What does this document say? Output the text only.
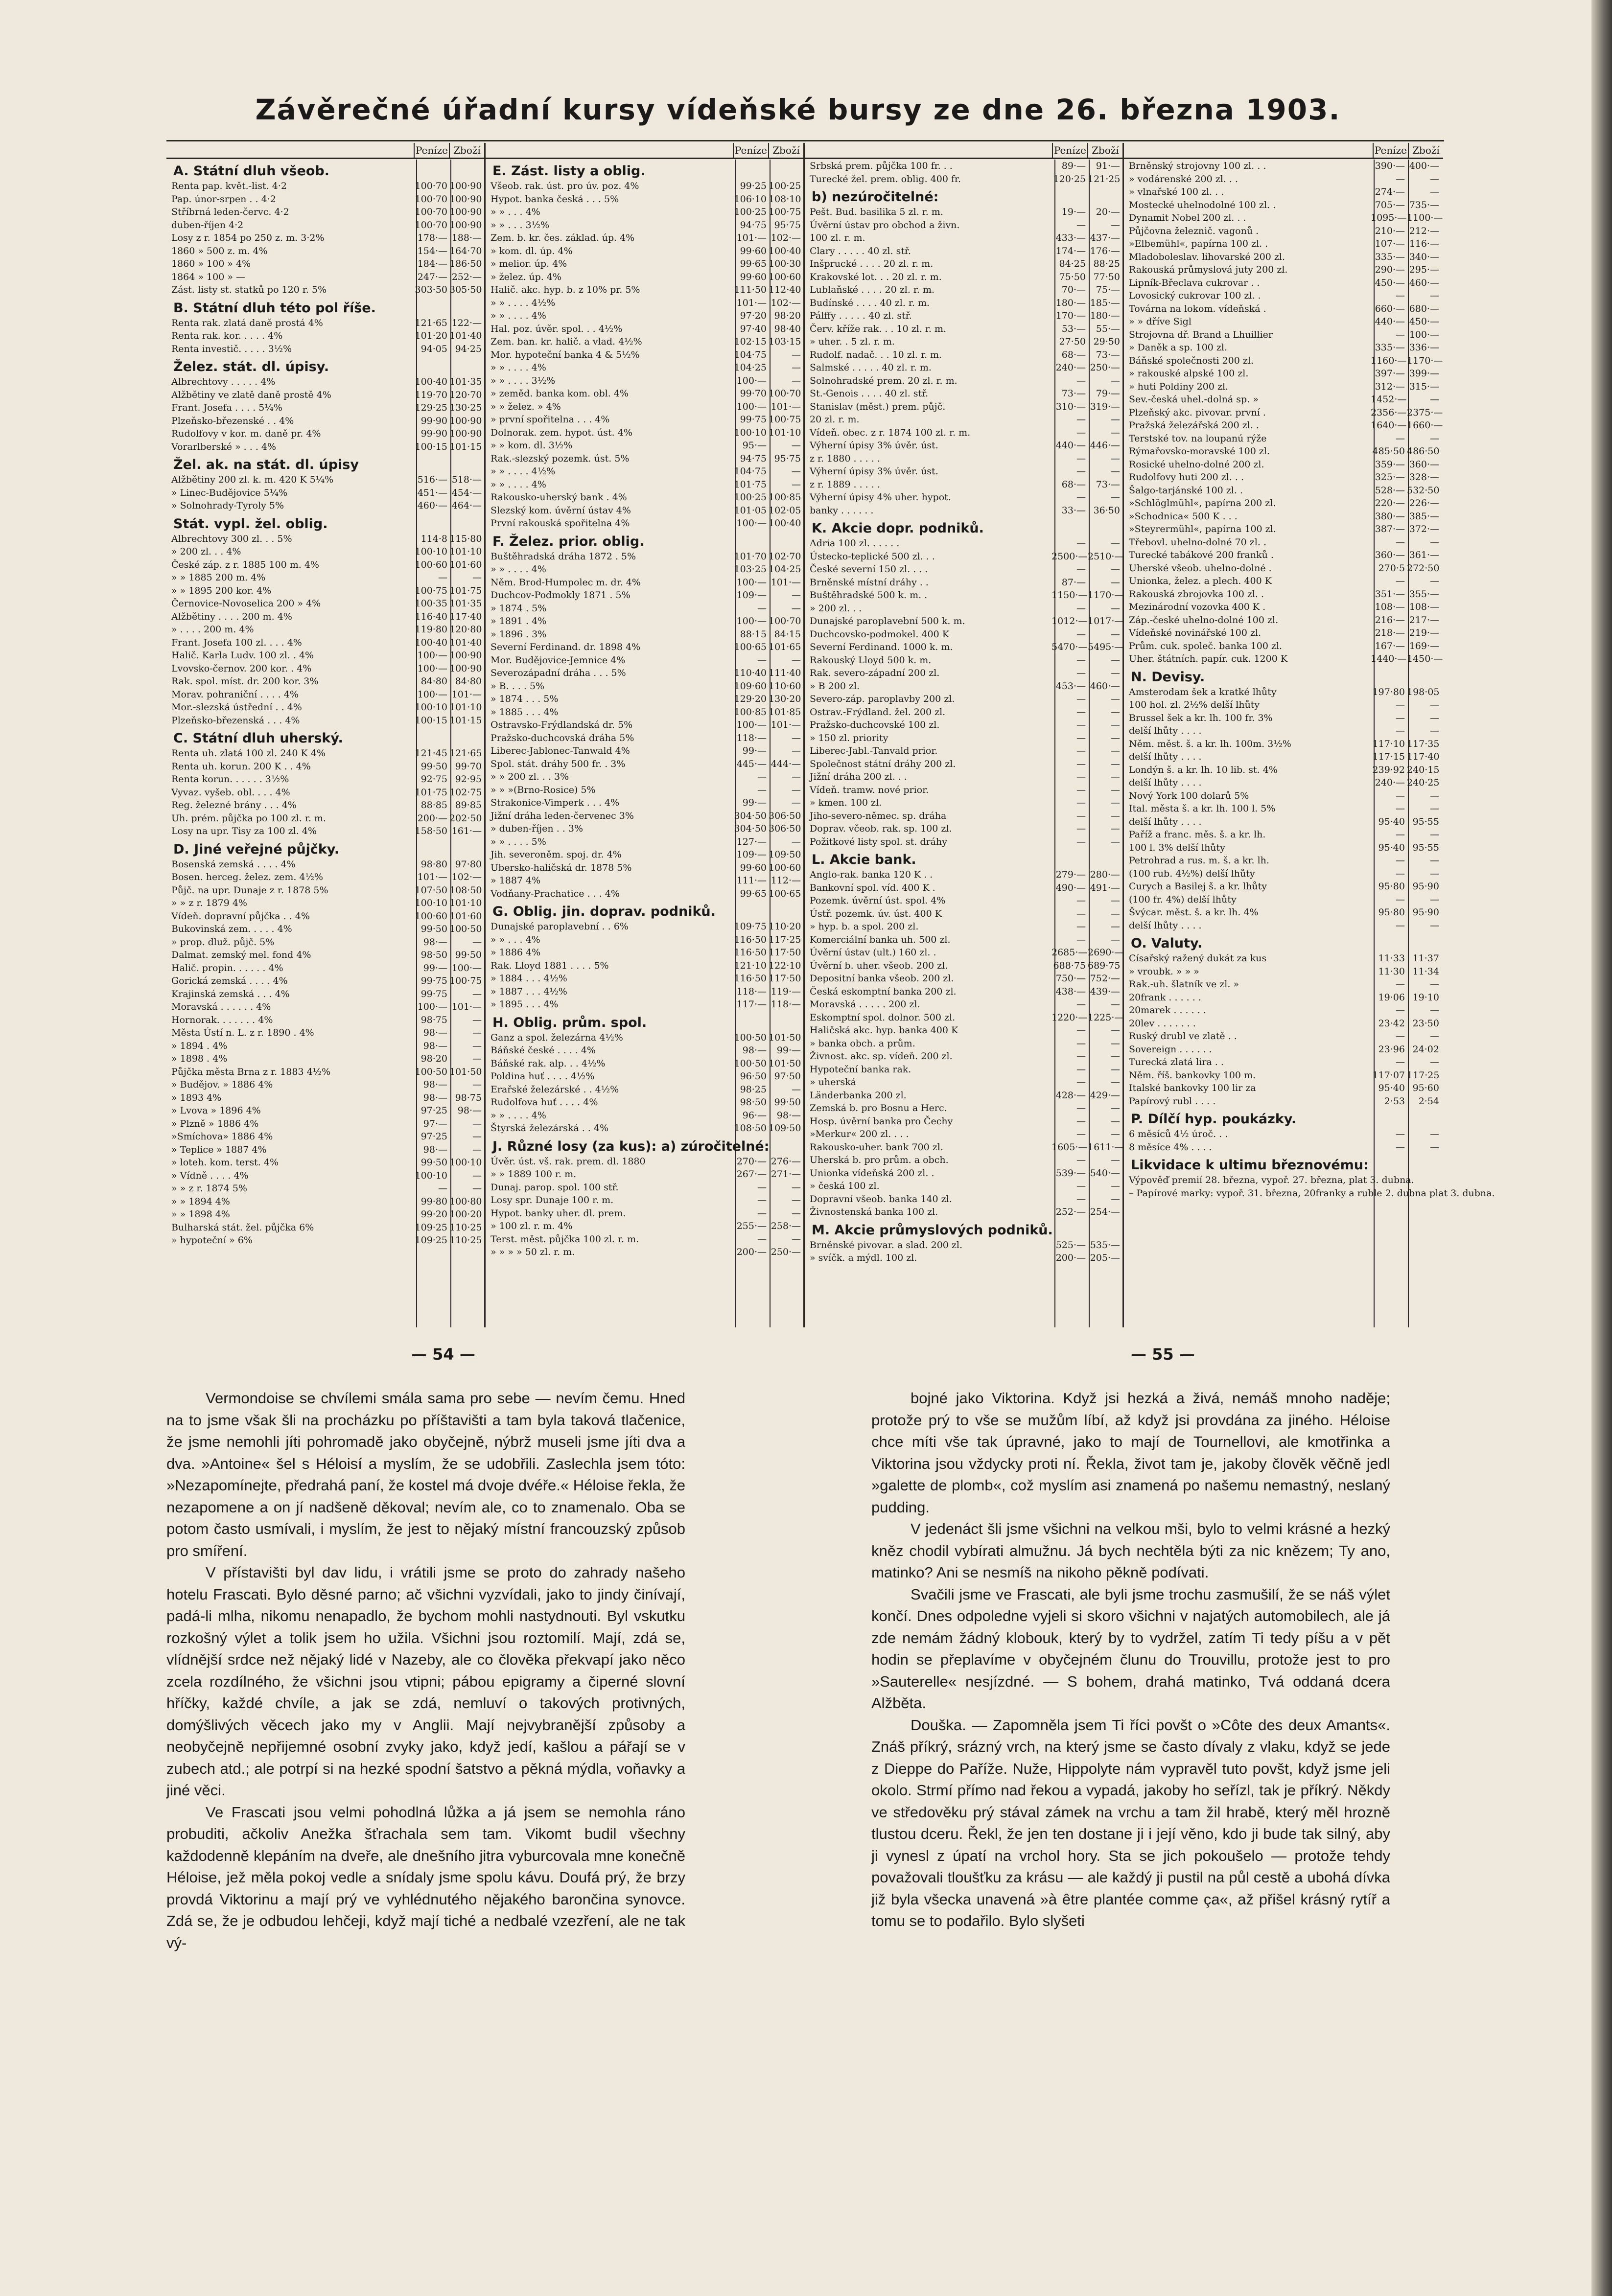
Závěrečné úřadní kursy vídeňské bursy ze dne 26. března 1903.
Peníze Zboží
A. Státní dluh všeob.
Renta pap. květ.-list. 4·2	100·70 100·90
Pap. únor-srpen . . 4·2	100·70 100·90
Stříbrná leden-červc. 4·2	100·70 100·90
duben-říjen 4·2	100·70 100·90
Losy z r. 1854 po 250 z. m. 3·2%	178·— 188·—
1860 » 500 z. m. 4%	154·— 164·70
1860 » 100 » 4%	184·— 186·50
1864 » 100 » —	247·— 252·—
Zást. listy st. statků po 120 r. 5%	303·50 305·50
B. Státní dluh této pol říše.
Renta rak. zlatá daně prostá 4%	121·65 122·—
Renta rak. kor. . . . . 4%	101·20 101·40
Renta investič. . . . . 3½%	94·05 94·25
Želez. stát. dl. úpisy.
Albrechtovy . . . . . 4%	100·40 101·35
Alžbětiny ve zlatě daně prostě 4%	119·70 120·70
Frant. Josefa . . . . 5¼%	129·25 130·25
Plzeňsko-březenské . . 4%	99·90 100·90
Rudolfovy v kor. m. daně pr. 4%	99·90 100·90
Vorarlberské » . . . 4%	100·15 101·15
Žel. ak. na stát. dl. úpisy
Alžbětiny 200 zl. k. m. 420 K 5¼%	516·— 518·—
» Linec-Budějovice 5¼%	451·— 454·—
» Solnohrady-Tyroly 5%	460·— 464·—
Stát. vypl. žel. oblig.
Albrechtovy 300 zl. . . 5%	114·8 115·80
» 200 zl. . . 4%	100·10 101·10
České záp. z r. 1885 100 m. 4%	100·60 101·60
» » 1885 200 m. 4%	—	—
» » 1895 200 kor. 4%	100·75 101·75
Černovice-Novoselica 200 » 4%	100·35 101·35
Alžbětiny . . . . 200 m. 4%	116·40 117·40
» . . . . 200 m. 4%	119·80 120·80
Frant. Josefa 100 zl. . . . 4%	100·40 101·40
Halič. Karla Ludv. 100 zl. . 4%	100·— 100·90
Lvovsko-černov. 200 kor. . 4%	100·— 100·90
Rak. spol. míst. dr. 200 kor. 3%	84·80 84·80
Morav. pohraniční . . . . 4%	100·— 101·—
Mor.-slezská ústřední . . 4%	100·10 101·10
Plzeňsko-březenská . . . 4%	100·15 101·15
C. Státní dluh uherský.
Renta uh. zlatá 100 zl. 240 K 4%	121·45 121·65
Renta uh. korun. 200 K . . 4%	99·50 99·70
Renta korun. . . . . . 3½%	92·75 92·95
Vyvaz. vyšeb. obl. . . . 4%	101·75 102·75
Reg. železné brány . . . 4%	88·85 89·85
Uh. prém. půjčka po 100 zl. r. m.	200·— 202·50
Losy na upr. Tisy za 100 zl. 4%	158·50 161·—
D. Jiné veřejné půjčky.
Bosenská zemská . . . . 4%	98·80 97·80
Bosen. herceg. želez. zem. 4½%	101·— 102·—
Půjč. na upr. Dunaje z r. 1878 5%	107·50 108·50
» » z r. 1879 4%	100·10 101·10
Vídeň. dopravní půjčka . . 4%	100·60 101·60
Bukovinská zem. . . . . 4%	99·50 100·50
» prop. dluž. půjč. 5%	98·—	—
Dalmat. zemský mel. fond 4%	98·50 99·50
Halič. propin. . . . . . 4%	99·— 100·—
Gorická zemská . . . . 4%	99·75 100·75
Krajinská zemská . . . 4%	99·75	—
Moravská . . . . . . 4%	100·— 101·—
Hornorak. . . . . . . 4%	98·75	—
Města Ústí n. L. z r. 1890 . 4%	98·—	—
» 1894 . 4%	98·—	—
» 1898 . 4%	98·20	—
Půjčka města Brna z r. 1883 4½%	100·50 101·50
» Budějov. » 1886 4%	98·—	—
» 1893 4%	98·— 98·75
» Lvova » 1896 4%	97·25	98·—
» Plzně » 1886 4%	97·—	—
»Smíchova» 1886 4%	97·25	—
» Teplice » 1887 4%	98·—	—
» loteh. kom. terst. 4%	99·50 100·10
» Vídně . . . . 4%	100·10	—
» » z r. 1874 5%	—	—
» » 1894 4%	99·80 100·80
» » 1898 4%	99·20 100·20
Bulharská stát. žel. půjčka 6%	109·25 110·25
» hypoteční » 6%	109·25 110·25
Peníze Zboží
E. Zást. listy a oblig.
Všeob. rak. úst. pro úv. poz. 4%	99·25 100·25
Hypot. banka česká . . . 5%	106·10 108·10
» » . . . 4%	100·25 100·75
» » . . . 3½%	94·75 95·75
Zem. b. kr. čes. základ. úp. 4%	101·— 102·—
» kom. dl. úp. 4%	99·60 100·40
» melior. úp. 4%	99·65 100·30
» želez. úp. 4%	99·60 100·60
Halič. akc. hyp. b. z 10% pr. 5%	111·50 112·40
» » . . . . 4½%	101·— 102·—
» » . . . . 4%	97·20 98·20
Hal. poz. úvěr. spol. . . 4½%	97·40 98·40
Zem. ban. kr. halič. a vlad. 4½%	102·15 103·15
Mor. hypoteční banka 4 & 5½%	104·75	—
» » . . . . 4%	104·25	—
» » . . . . 3½%	100·—	—
» zeměd. banka kom. obl. 4%	99·70 100·70
» » želez. » 4%	100·— 101·—
» první spořitelna . . . 4%	99·75 100·75
Dolnorak. zem. hypot. úst. 4%	100·10 101·10
» » kom. dl. 3½%	95·—	—
Rak.-slezský pozemk. úst. 5%	94·75 95·75
» » . . . . 4½%	104·75	—
» » . . . . 4%	101·75	—
Rakousko-uherský bank . 4%	100·25 100·85
Slezský kom. úvěrní ústav 4%	101·05 102·05
První rakouská spořitelna 4%	100·— 100·40
F. Želez. prior. oblig.
Buštěhradská dráha 1872 . 5%	101·70 102·70
» » . . . . 4%	103·25 104·25
Něm. Brod-Humpolec m. dr. 4%	100·— 101·—
Duchcov-Podmokly 1871 . 5%	109·—	—
» 1874 . 5%	—	—
» 1891 . 4%	100·— 100·70
» 1896 . 3%	88·15 84·15
Severní Ferdinand. dr. 1898 4%	100·65 101·65
Mor. Budějovice-Jemnice 4%	—	—
Severozápadní dráha . . . 5%	110·40 111·40
» B. . . . 5%	109·60 110·60
» 1874 . . . 5%	129·20 130·20
» 1885 . . . 4%	100·85 101·85
Ostravsko-Frýdlandská dr. 5%	100·— 101·—
Pražsko-duchcovská dráha 5%	118·—	—
Liberec-Jablonec-Tanwald 4%	99·—	—
Spol. stát. dráhy 500 fr. . 3%	445·— 444·—
» » 200 zl. . . 3%	—	—
» » »(Brno-Rosice) 5%	—	—
Strakonice-Vimperk . . . 4%	99·—	—
Jižní dráha leden-červenec 3%	304·50 306·50
» duben-říjen . . 3%	304·50 306·50
» » . . . . 5%	127·—	—
Jih. severoněm. spoj. dr. 4%	109·— 109·50
Ubersko-haličská dr. 1878 5%	99·60 100·60
» 1887 4%	111·— 112·—
Vodňany-Prachatice . . . 4%	99·65 100·65
G. Oblig. jin. doprav. podniků.
Dunajské paroplavební . . 6%	109·75 110·20
» » . . . 4%	116·50 117·25
» 1886 4%	116·50 117·50
Rak. Lloyd 1881 . . . . 5%	121·10 122·10
» 1884 . . . 4½%	116·50 117·50
» 1887 . . . 4½%	118·— 119·—
» 1895 . . . 4%	117·— 118·—
H. Oblig. prům. spol.
Ganz a spol. železárna 4½%	100·50 101·50
Báňské české . . . . 4%	98·—	99·—
Báňské rak. alp. . . 4½%	100·50 101·50
Poldina huť . . . . 4½%	96·50 97·50
Erařské železárské . . 4½%	98·25	—
Rudolfova huť . . . . 4%	98·50 99·50
» » . . . . 4%	96·—	98·—
Štyrská železárská . . 4%	108·50 109·50
J. Různé losy (za kus): a) zúročitelné:
Úvěr. úst. vš. rak. prem. dl. 1880	270·— 276·—
» » 1889 100 r. m.	267·— 271·—
Dunaj. parop. spol. 100 stř.	—	—
Losy spr. Dunaje 100 r. m.	—	—
Hypot. banky uher. dl. prem.	—	—
» 100 zl. r. m. 4%	255·— 258·—
Terst. měst. půjčka 100 zl. r. m.	—	—
» » » » 50 zl. r. m.	200·— 250·—
Peníze Zboží
Srbská prem. půjčka 100 fr. . .	89·—	91·—
Turecké žel. prem. oblig. 400 fr.	120·25 121·25
b) nezúročitelné:
Pešt. Bud. basilika 5 zl. r. m.	19·—	20·—
Úvěrní ústav pro obchod a živn.	—	—
100 zl. r. m.	433·— 437·—
Clary . . . . . 40 zl. stř.	174·— 176·—
Inšprucké . . . . 20 zl. r. m.	84·25 88·25
Krakovské lot. . . 20 zl. r. m.	75·50 77·50
Lublaňské . . . . 20 zl. r. m.	70·—	75·—
Budínské . . . . 40 zl. r. m.	180·— 185·—
Pálffy . . . . . 40 zl. stř.	170·— 180·—
Červ. kříže rak. . . 10 zl. r. m.	53·—	55·—
» uher. . 5 zl. r. m.	27·50 29·50
Rudolf. nadač. . . 10 zl. r. m.	68·—	73·—
Salmské . . . . . 40 zl. r. m.	240·— 250·—
Solnohradské prem. 20 zl. r. m.	—	—
St.-Genois . . . . 40 zl. stř.	73·—	79·—
Stanislav (měst.) prem. půjč.	310·— 319·—
20 zl. r. m.	—	—
Vídeň. obec. z r. 1874 100 zl. r. m.	—	—
Výherní úpisy 3% úvěr. úst.	440·— 446·—
z r. 1880 . . . . .	—	—
Výherní úpisy 3% úvěr. úst.	—	—
z r. 1889 . . . . .	68·—	73·—
Výherní úpisy 4% uher. hypot.	—	—
banky . . . . . .	33·— 36·50
K. Akcie dopr. podniků.
Adria 100 zl. . . . . .	—	—
Ústecko-teplické 500 zl. . .	2500·— 2510·—
České severní 150 zl. . . .	—	—
Brněnské místní dráhy . .	87·—	—
Buštěhradské 500 k. m. .	1150·— 1170·—
» 200 zl. . .	—	—
Dunajské paroplavební 500 k. m.	1012·— 1017·—
Duchcovsko-podmokel. 400 K	—	—
Severní Ferdinand. 1000 k. m.	5470·— 5495·—
Rakouský Lloyd 500 k. m.	—	—
Rak. severo-západní 200 zl.	—	—
» B 200 zl.	453·— 460·—
Severo-záp. paroplavby 200 zl.	—	—
Ostrav.-Frýdland. žel. 200 zl.	—	—
Pražsko-duchcovské 100 zl.	—	—
» 150 zl. priority	—	—
Liberec-Jabl.-Tanvald prior.	—	—
Společnost státní dráhy 200 zl.	—	—
Jižní dráha 200 zl. . .	—	—
Vídeň. tramw. nové prior.	—	—
» kmen. 100 zl.	—	—
Jiho-severo-němec. sp. dráha	—	—
Doprav. včeob. rak. sp. 100 zl.	—	—
Požitkové listy spol. st. dráhy	—	—
L. Akcie bank.
Anglo-rak. banka 120 K . .	279·— 280·—
Bankovní spol. víd. 400 K .	490·— 491·—
Pozemk. úvěrní úst. spol. 4%	—	—
Ústř. pozemk. úv. úst. 400 K	—	—
» hyp. b. a spol. 200 zl.	—	—
Komerciální banka uh. 500 zl.	—	—
Úvěrní ústav (ult.) 160 zl. .	2685·— 2690·—
Úvěrní b. uher. všeob. 200 zl.	688·75 689·75
Depositní banka všeob. 200 zl.	750·— 752·—
Česká eskomptní banka 200 zl.	438·— 439·—
Moravská . . . . . 200 zl.	—	—
Eskomptní spol. dolnor. 500 zl.	1220·— 1225·—
Haličská akc. hyp. banka 400 K	—	—
» banka obch. a prům.	—	—
Živnost. akc. sp. vídeň. 200 zl.	—	—
Hypoteční banka rak.	—	—
» uherská	—	—
Länderbanka 200 zl.	428·— 429·—
Zemská b. pro Bosnu a Herc.	—	—
Hosp. úvěrní banka pro Čechy	—	—
»Merkur« 200 zl. . . .	—	—
Rakousko-uher. bank 700 zl.	1605·— 1611·—
Uherská b. pro prům. a obch.	—	—
Unionka vídeňská 200 zl. .	539·— 540·—
» česká 100 zl.	—	—
Dopravní všeob. banka 140 zl.	—	—
Živnostenská banka 100 zl.	252·— 254·—
M. Akcie průmyslových podniků.
Brněnské pivovar. a slad. 200 zl.	525·— 535·—
» svíčk. a mýdl. 100 zl.	200·— 205·—
Peníze Zboží
Brněnský strojovny 100 zl. . .	390·— 400·—
» vodárenské 200 zl. . .	—	—
» vlnařské 100 zl. . .	274·—	—
Mostecké uhelnodolné 100 zl. .	705·— 735·—
Dynamit Nobel 200 zl. . .	1095·— 1100·—
Půjčovna železnič. vagonů .	210·— 212·—
»Elbemühl«, papírna 100 zl. .	107·— 116·—
Mladoboleslav. lihovarské 200 zl.	335·— 340·—
Rakouská průmyslová juty 200 zl.	290·— 295·—
Lipník-Břeclava cukrovar . .	450·— 460·—
Lovosický cukrovar 100 zl. .	—	—
Továrna na lokom. vídeňská .	660·— 680·—
» » dříve Sigl	440·— 450·—
Strojovna dř. Brand a Lhuillier	— 100·—
» Daněk a sp. 100 zl.	335·— 336·—
Báňské společnosti 200 zl.	1160·— 1170·—
» rakouské alpské 100 zl.	397·— 399·—
» huti Poldiny 200 zl.	312·— 315·—
Sev.-česká uhel.-dolná sp. »	1452·—	—
Plzeňský akc. pivovar. první .	2356·— 2375·—
Pražská železářská 200 zl. .	1640·— 1660·—
Terstské tov. na loupanú rýže	—	—
Rýmařovsko-moravské 100 zl.	485·50 486·50
Rosické uhelno-dolné 200 zl.	359·— 360·—
Rudolfovy huti 200 zl. . .	325·— 328·—
Šalgo-tarjánské 100 zl. .	528·— 532·50
»Schlöglmühl«, papírna 200 zl.	220·— 226·—
»Schodnica« 500 K . . .	380·— 385·—
»Steyrermühl«, papírna 100 zl.	387·— 372·—
Třebovl. uhelno-dolné 70 zl. .	—	—
Turecké tabákové 200 franků .	360·— 361·—
Uherské všeob. uhelno-dolné .	270·5 272·50
Unionka, želez. a plech. 400 K	—	—
Rakouská zbrojovka 100 zl. .	351·— 355·—
Mezinárodní vozovka 400 K .	108·— 108·—
Záp.-české uhelno-dolné 100 zl.	216·— 217·—
Vídeňské novinářské 100 zl.	218·— 219·—
Prům. cuk. společ. banka 100 zl.	167·— 169·—
Uher. štátních. papír. cuk. 1200 K	1440·— 1450·—
N. Devisy.
Amsterodam šek a kratké lhůty	197·80 198·05
100 hol. zl. 2½% delší lhůty	—	—
Brussel šek a kr. lh. 100 fr. 3%	—	—
delší lhůty . . . .	—	—
Něm. měst. š. a kr. lh. 100m. 3½%	117·10 117·35
delší lhůty . . . .	117·15 117·40
Londýn š. a kr. lh. 10 lib. st. 4%	239·92 240·15
delší lhůty . . . .	240·— 240·25
Nový York 100 dolarů 5%	—	—
Ital. města š. a kr. lh. 100 l. 5%	—	—
delší lhůty . . . .	95·40 95·55
Paříž a franc. měs. š. a kr. lh.	—	—
100 l. 3% delší lhůty	95·40 95·55
Petrohrad a rus. m. š. a kr. lh.	—	—
(100 rub. 4½%) delší lhůty	—	—
Curych a Basilej š. a kr. lhůty	95·80 95·90
(100 fr. 4%) delší lhůty	—	—
Švýcar. měst. š. a kr. lh. 4%	95·80 95·90
delší lhůty . . . .	—	—
O. Valuty.
Císařský ražený dukát za kus	11·33 11·37
» vroubk. » » »	11·30 11·34
Rak.-uh. šlatník ve zl. »	—	—
20frank . . . . . .	19·06 19·10
20marek . . . . . .	—	—
20lev . . . . . . .	23·42 23·50
Ruský drubl ve zlatě . .	—	—
Sovereign . . . . . .	23·96 24·02
Turecká zlatá lira . .	—	—
Něm. říš. bankovky 100 m.	117·07 117·25
Italské bankovky 100 lir za	95·40 95·60
Papírový rubl . . . .	2·53	2·54
P. Dílčí hyp. poukázky.
6 měsíců 4½ úroč. . .	—	—
8 měsíce 4% . . . .	—	—
Likvidace k ultimu březnovému:
Výpověď premií 28. března, vypoř. 27. března, plat 3. dubna.
– Papírové marky: vypoř. 31. března, 20franky a ruble 2. dubna plat 3. dubna.
— 54 —	— 55 —

Vermondoise se chvílemi smála sama pro sebe — nevím čemu. Hned na to jsme však šli na procházku po příštavišti a tam byla taková tlačenice, že jsme nemohli jíti pohromadě jako obyčejně, nýbrž museli jsme jíti dva a dva. »Antoine« šel s Héloisí a myslím, že se udobřili. Zaslechla jsem tóto: »Nezapomínejte, předrahá paní, že kostel má dvoje dvéře.« Héloise řekla, že nezapomene a on jí nadšeně děkoval; nevím ale, co to znamenalo. Oba se potom často usmívali, i myslím, že jest to nějaký místní francouzský způsob pro smíření.

V přístavišti byl dav lidu, i vrátili jsme se proto do zahrady našeho hotelu Frascati. Bylo děsné parno; ač všichni vyzvídali, jako to jindy činívají, padá-li mlha, nikomu nenapadlo, že bychom mohli nastydnouti. Byl vskutku rozkošný výlet a tolik jsem ho užila. Všichni jsou roztomilí. Mají, zdá se, vlídnější srdce než nějaký lidé v Nazeby, ale co člověka překvapí jako něco zcela rozdílného, že všichni jsou vtipni; pábou epigramy a čiperné slovní hříčky, každé chvíle, a jak se zdá, nemluví o takových protivných, domýšlivých věcech jako my v Anglii. Mají nejvybranější způsoby a neobyčejně nepřijemné osobní zvyky jako, když jedí, kašlou a pářají se v zubech atd.; ale potrpí si na hezké spodní šatstvo a pěkná mýdla, voňavky a jiné věci.

Ve Frascati jsou velmi pohodlná lůžka a já jsem se nemohla ráno probuditi, ačkoliv Anežka šťrachala sem tam. Vikomt budil všechny každodenně klepáním na dveře, ale dnešního jitra vyburcovala mne konečně Héloise, jež měla pokoj vedle a snídaly jsme spolu kávu. Doufá prý, že brzy provdá Viktorinu a mají prý ve vyhlédnutého nějakého barončina synovce. Zdá se, že je odbudou lehčeji, když mají tiché a nedbalé vzezření, ale ne tak vý-

bojné jako Viktorina. Když jsi hezká a živá, nemáš mnoho naděje; protože prý to vše se mužům líbí, až když jsi provdána za jiného. Héloise chce míti vše tak úpravné, jako to mají de Tournellovi, ale kmotřinka a Viktorina jsou vždycky proti ní. Řekla, život tam je, jakoby člověk věčně jedl »galette de plomb«, což myslím asi znamená po našemu nemastný, neslaný pudding.

V jedenáct šli jsme všichni na velkou mši, bylo to velmi krásné a hezký kněz chodil vybírati almužnu. Já bych nechtěla býti za nic knězem; Ty ano, matinko? Ani se nesmíš na nikoho pěkně podívati.

Svačili jsme ve Frascati, ale byli jsme trochu zasmušilí, že se náš výlet končí. Dnes odpoledne vyjeli si skoro všichni v najatých automobilech, ale já zde nemám žádný klobouk, který by to vydržel, zatím Ti tedy píšu a v pět hodin se přeplavíme v obyčejném člunu do Trouvillu, protože jest to pro »Sauterelle« nesjízdné. — S bohem, drahá matinko, Tvá oddaná dcera Alžběta.

Douška. — Zapomněla jsem Ti říci povšt o »Côte des deux Amants«. Znáš příkrý, srázný vrch, na který jsme se často dívaly z vlaku, když se jede z Dieppe do Paříže. Nuže, Hippolyte nám vypravěl tuto povšt, když jsme jeli okolo. Strmí přímo nad řekou a vypadá, jakoby ho seřízl, tak je příkrý. Někdy ve středověku prý stával zámek na vrchu a tam žil hrabě, který měl hrozně tlustou dceru. Řekl, že jen ten dostane ji i její věno, kdo ji bude tak silný, aby ji vynesl z úpatí na vrchol hory. Sta se jich pokoušelo — protože tehdy považovali tloušťku za krásu — ale každý ji pustil na půl cestě a ubohá dívka již byla všecka unavená »à être plantée comme ça«, až přišel krásný rytíř a tomu se to podařilo. Bylo slyšeti
